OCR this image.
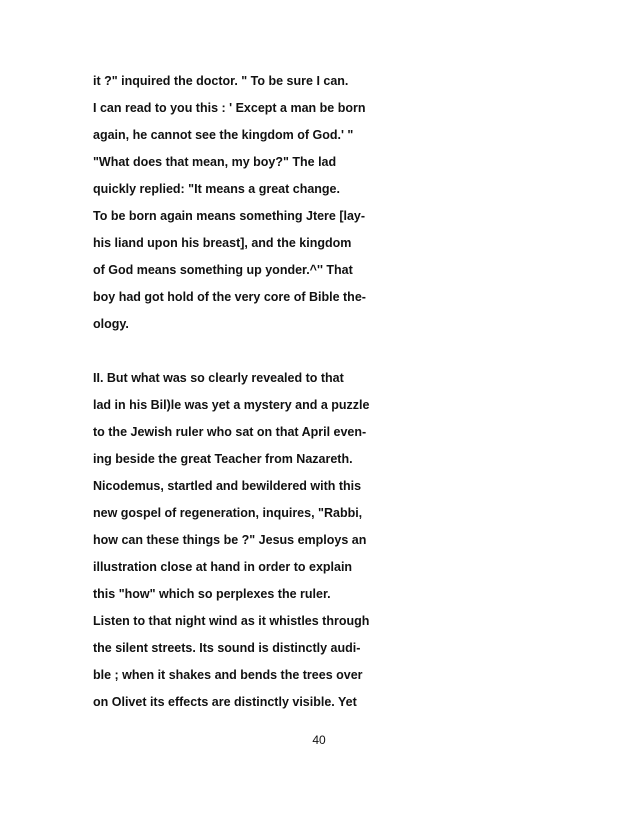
it ?" inquired the doctor. " To be sure I can.
I can read to you this : ' Except a man be born
again, he cannot see the kingdom of God.' "
"What does that mean, my boy?" The lad
quickly replied: "It means a great change.
To be born again means something Jtere [lay-
his liand upon his breast], and the kingdom
of God means something up yonder.^'' That
boy had got hold of the very core of Bible the-
ology.
II. But what was so clearly revealed to that
lad in his Bil)le was yet a mystery and a puzzle
to the Jewish ruler who sat on that April even-
ing beside the great Teacher from Nazareth.
Nicodemus, startled and bewildered with this
new gospel of regeneration, inquires, "Rabbi,
how can these things be ?" Jesus employs an
illustration close at hand in order to explain
this "how" which so perplexes the ruler.
Listen to that night wind as it whistles through
the silent streets. Its sound is distinctly audi-
ble ; when it shakes and bends the trees over
on Olivet its effects are distinctly visible. Yet
40
